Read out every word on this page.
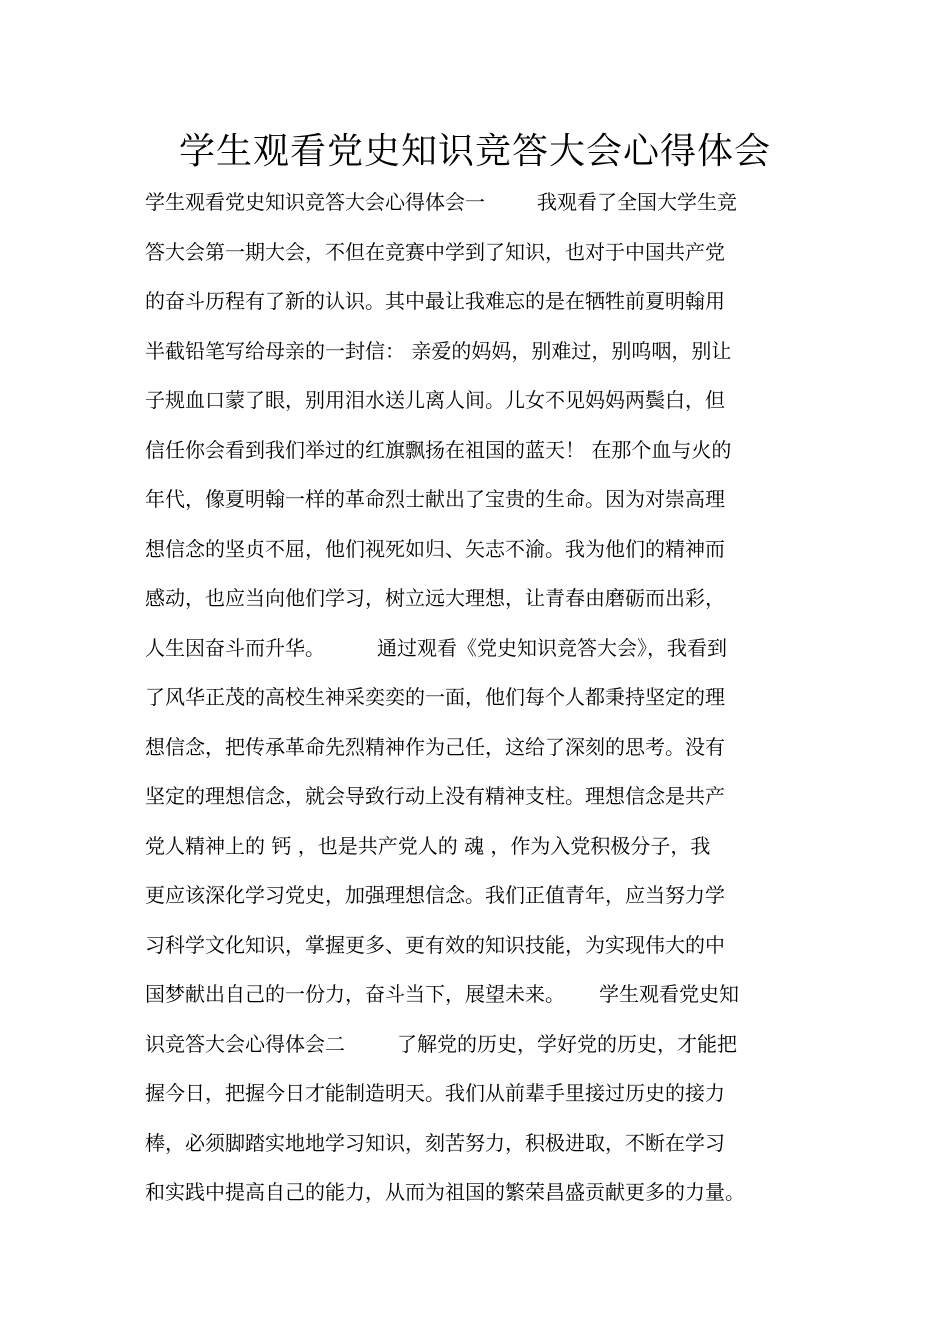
学生观看党史知识竞答大会心得体会
学生观看党史知识竞答大会心得体会一	我观看了全国大学生竞
答大会第一期大会，不但在竞赛中学到了知识，也对于中国共产党
的奋斗历程有了新的认识。其中最让我难忘的是在牺牲前夏明翰用
半截铅笔写给母亲的一封信： 亲爱的妈妈，别难过，别呜咽，别让
子规血口蒙了眼，别用泪水送儿离人间。儿女不见妈妈两鬓白，但
信任你会看到我们举过的红旗飘扬在祖国的蓝天！ 在那个血与火的
年代，像夏明翰一样的革命烈士献出了宝贵的生命。因为对崇高理
想信念的坚贞不屈，他们视死如归、矢志不渝。我为他们的精神而
感动，也应当向他们学习，树立远大理想，让青春由磨砺而出彩，
人生因奋斗而升华。	通过观看《党史知识竞答大会》，我看到
了风华正茂的高校生神采奕奕的一面，他们每个人都秉持坚定的理
想信念，把传承革命先烈精神作为己任，这给了深刻的思考。没有
坚定的理想信念，就会导致行动上没有精神支柱。理想信念是共产
党人精神上的 钙 ，也是共产党人的 魂 ，作为入党积极分子，我
更应该深化学习党史，加强理想信念。我们正值青年，应当努力学
习科学文化知识，掌握更多、更有效的知识技能，为实现伟大的中
国梦献出自己的一份力，奋斗当下，展望未来。 学生观看党史知
识竞答大会心得体会二	了解党的历史，学好党的历史，才能把
握今日，把握今日才能制造明天。我们从前辈手里接过历史的接力
棒，必须脚踏实地地学习知识，刻苦努力，积极进取，不断在学习
和实践中提高自己的能力，从而为祖国的繁荣昌盛贡献更多的力量。
